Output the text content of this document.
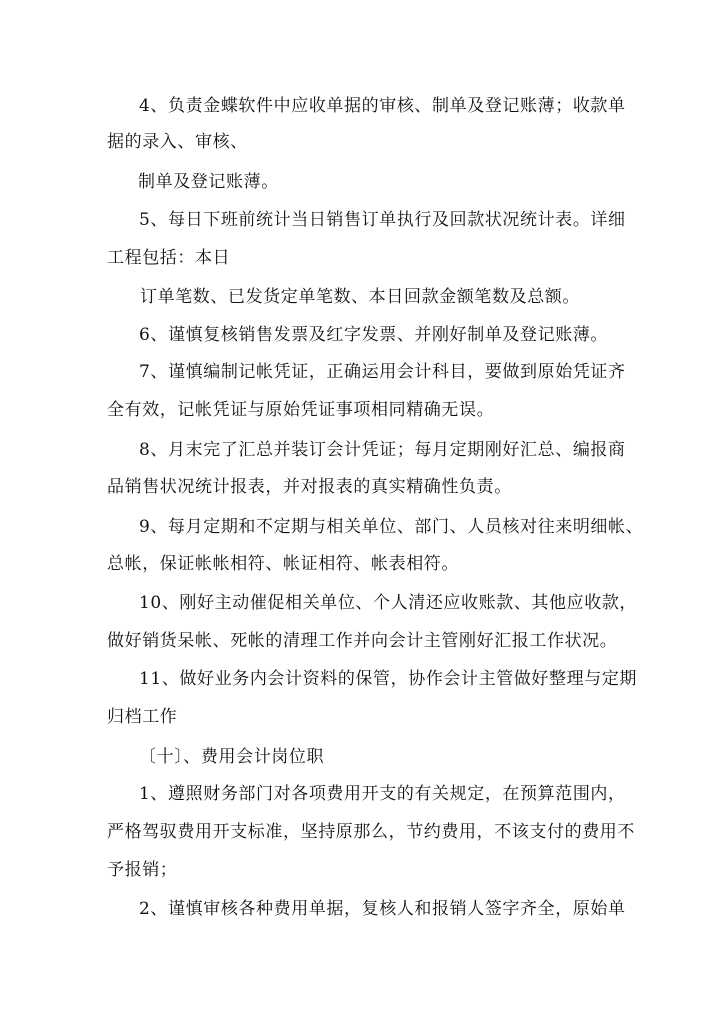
4、负责金蝶软件中应收单据的审核、制单及登记账薄；收款单
据的录入、审核、
制单及登记账薄。
5、每日下班前统计当日销售订单执行及回款状况统计表。详细
工程包括：本日
订单笔数、已发货定单笔数、本日回款金额笔数及总额。
6、谨慎复核销售发票及红字发票、并刚好制单及登记账薄。
7、谨慎编制记帐凭证，正确运用会计科目，要做到原始凭证齐
全有效，记帐凭证与原始凭证事项相同精确无误。
8、月末完了汇总并装订会计凭证；每月定期刚好汇总、编报商
品销售状况统计报表，并对报表的真实精确性负责。
9、每月定期和不定期与相关单位、部门、人员核对往来明细帐、
总帐，保证帐帐相符、帐证相符、帐表相符。
10、刚好主动催促相关单位、个人清还应收账款、其他应收款，
做好销货呆帐、死帐的清理工作并向会计主管刚好汇报工作状况。
11、做好业务内会计资料的保管，协作会计主管做好整理与定期
归档工作
〔十〕、费用会计岗位职
1、遵照财务部门对各项费用开支的有关规定，在预算范围内，
严格驾驭费用开支标准，坚持原那么，节约费用，不该支付的费用不
予报销；
2、谨慎审核各种费用单据，复核人和报销人签字齐全，原始单
